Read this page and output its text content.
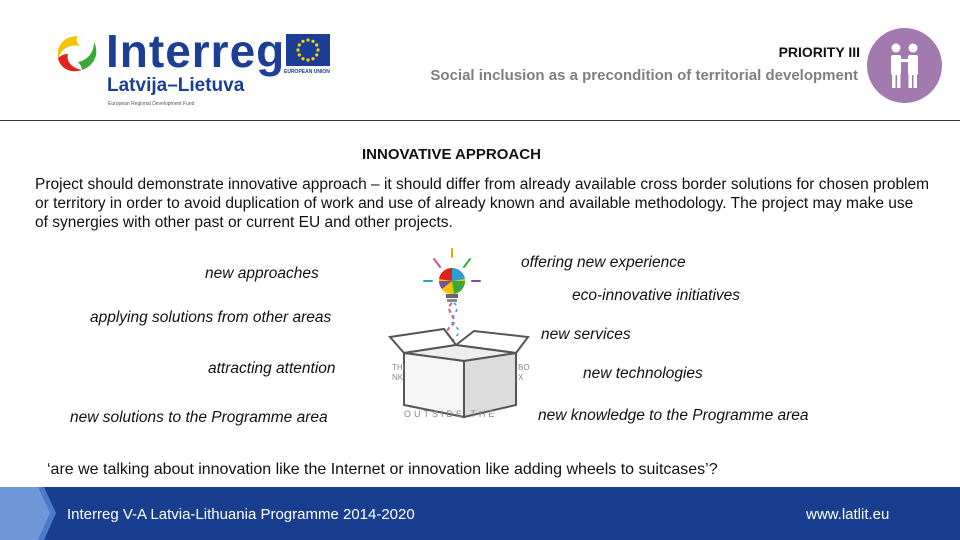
Interreg
Latvija–Lietuva
European Regional Development Fund
EUROPEAN UNION
PRIORITY III
Social inclusion as a precondition of territorial development
INNOVATIVE APPROACH
Project should demonstrate innovative approach – it should differ from already available cross border solutions for chosen problem or territory in order to avoid duplication of work and use of already known and available methodology. The project may make use of synergies with other past or current EU and other projects.
new approaches
applying solutions from other areas
attracting attention
new solutions to the Programme area
offering new experience
eco-innovative initiatives
new services
new technologies
new knowledge to the Programme area
THINK
OUTSIDE THE
BOX
‘are we talking about innovation like the Internet or innovation like adding wheels to suitcases’?
Interreg V-A Latvia-Lithuania Programme 2014-2020	www.latlit.eu
